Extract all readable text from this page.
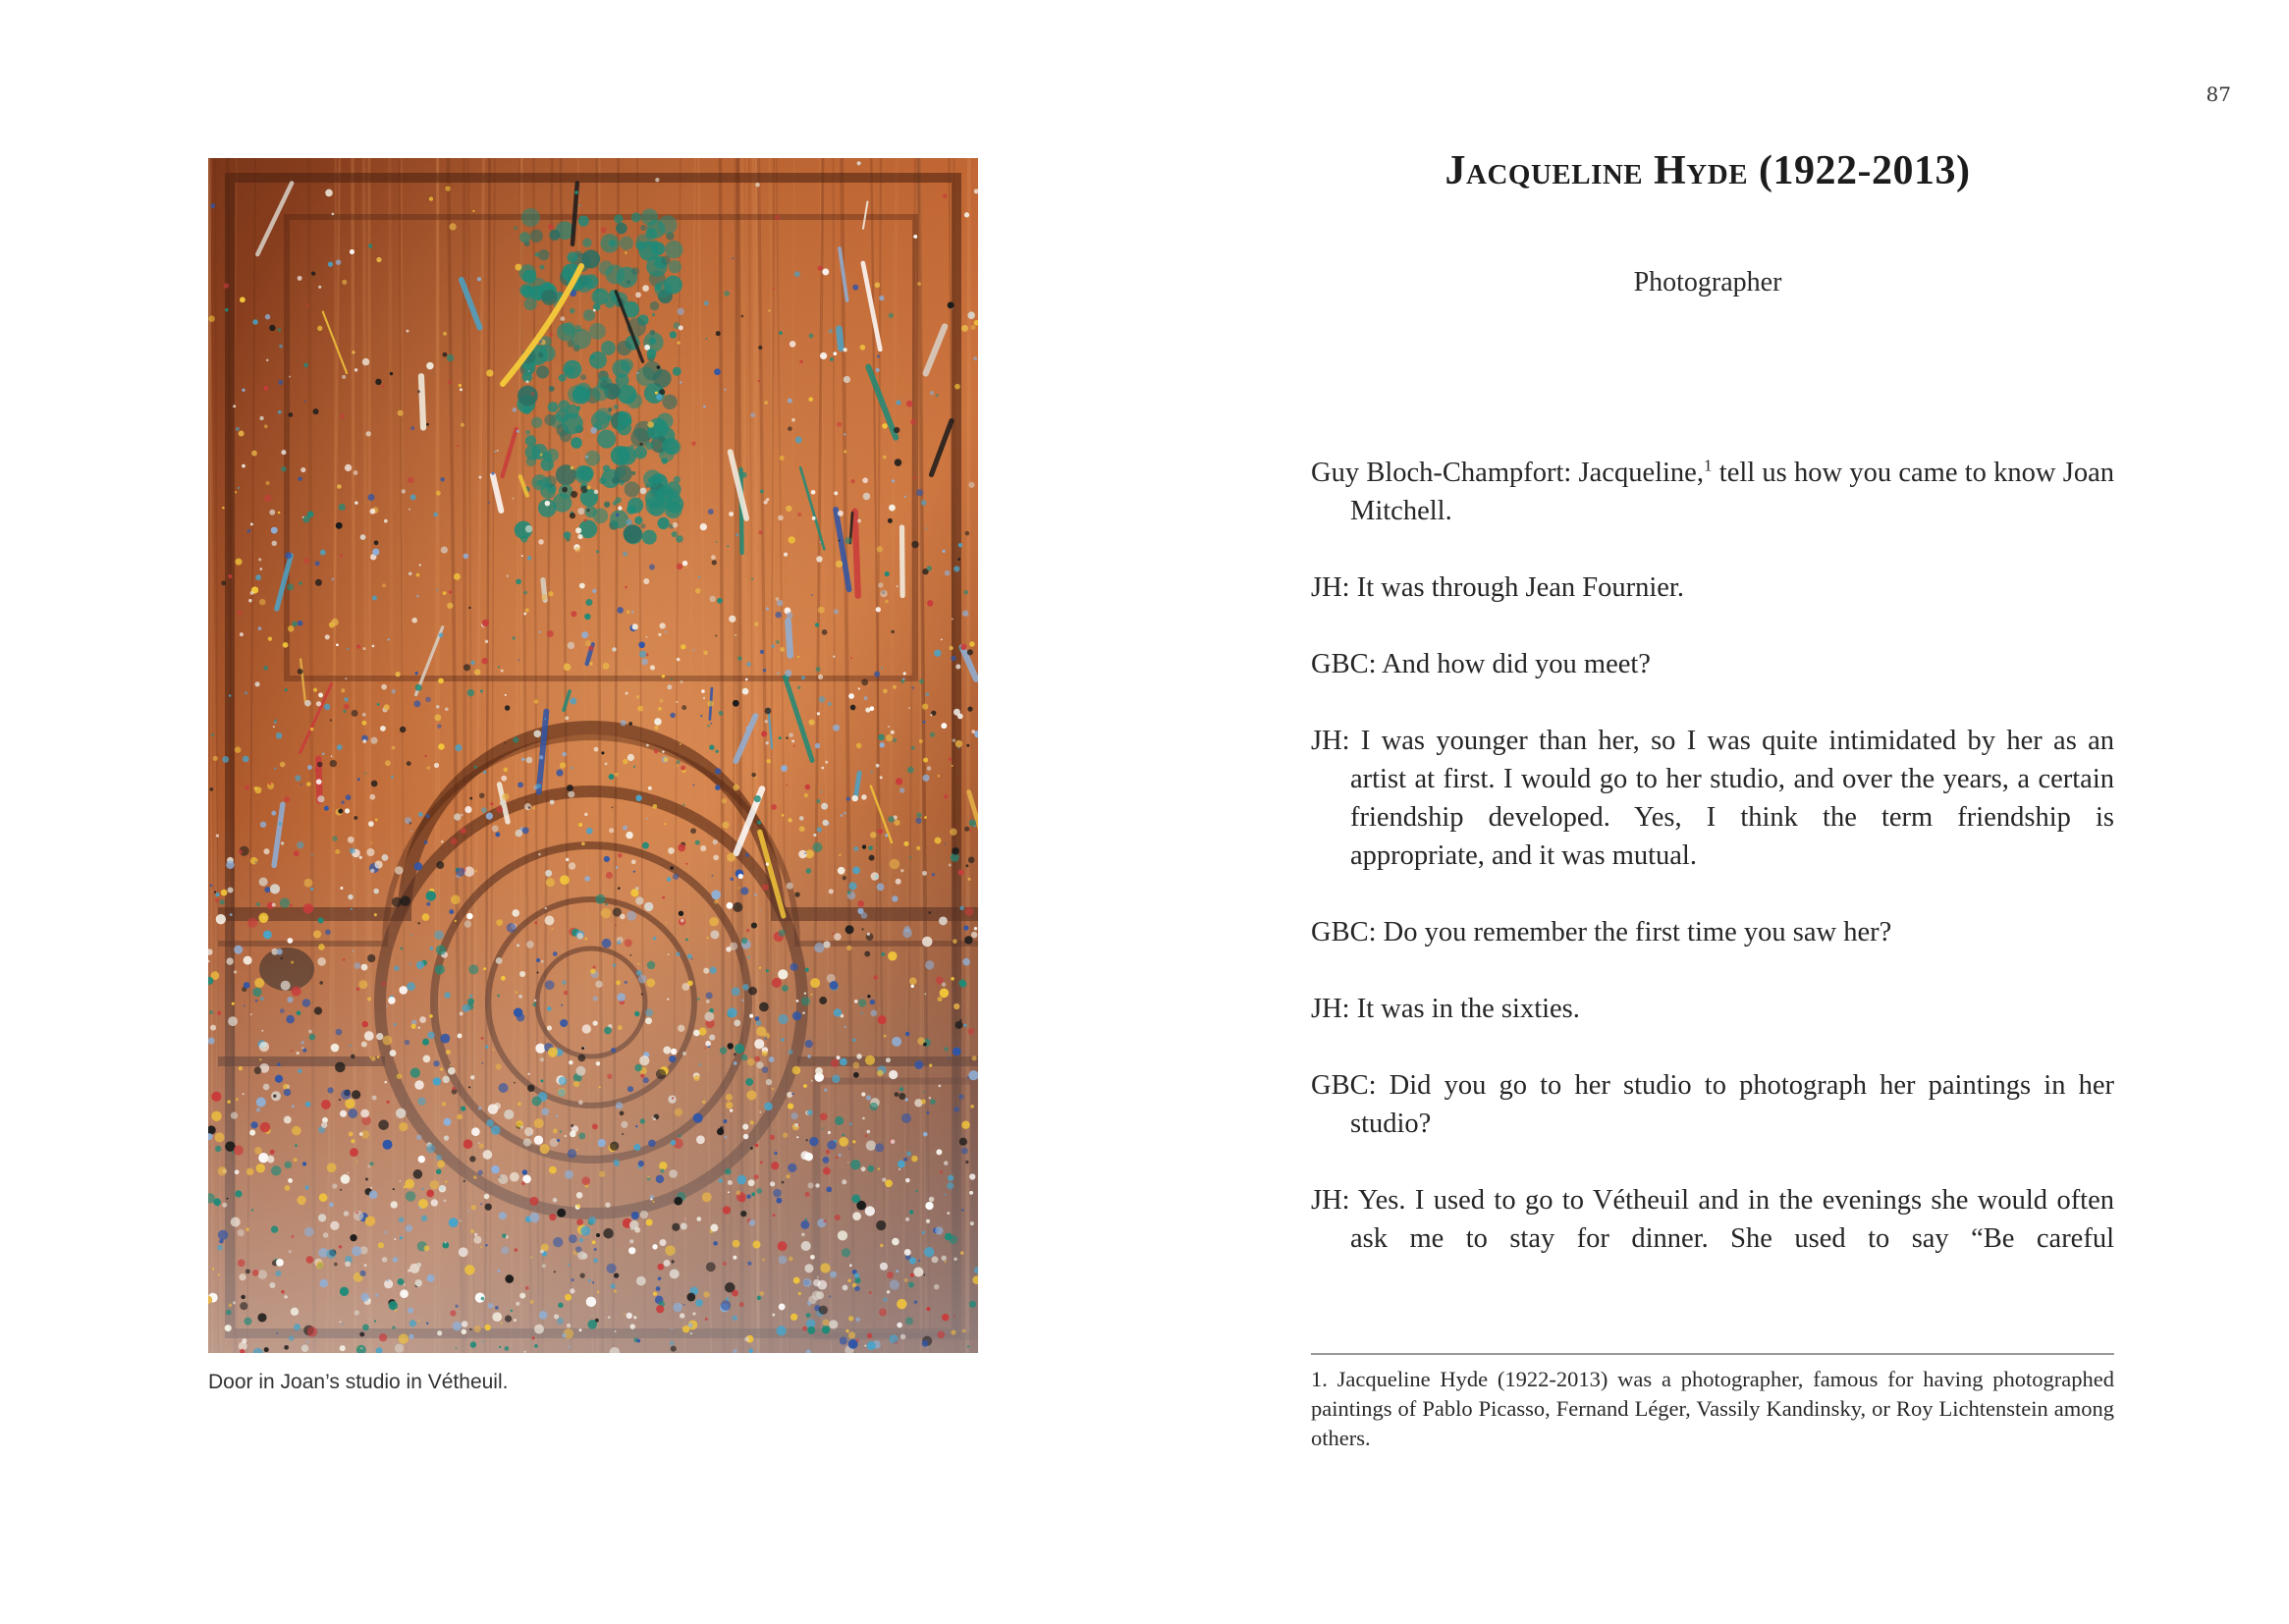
87
Door in Joan’s studio in Vétheuil.
Jacqueline Hyde (1922-2013)
Photographer

Guy Bloch-Champfort: Jacqueline,$^1$ tell us how you came to know Joan Mitchell.

JH: It was through Jean Fournier.

GBC: And how did you meet?

JH: I was younger than her, so I was quite intimidated by her as an artist at first. I would go to her studio, and over the years, a certain friendship developed. Yes, I think the term friendship is appropriate, and it was mutual.

GBC: Do you remember the first time you saw her?

JH: It was in the sixties.

GBC: Did you go to her studio to photograph her paintings in her studio?

JH: Yes. I used to go to Vétheuil and in the evenings she would often ask me to stay for dinner. She used to say “Be careful

1. Jacqueline Hyde (1922-2013) was a photographer, famous for having photographed paintings of Pablo Picasso, Fernand Léger, Vassily Kandinsky, or Roy Lichtenstein among others.
